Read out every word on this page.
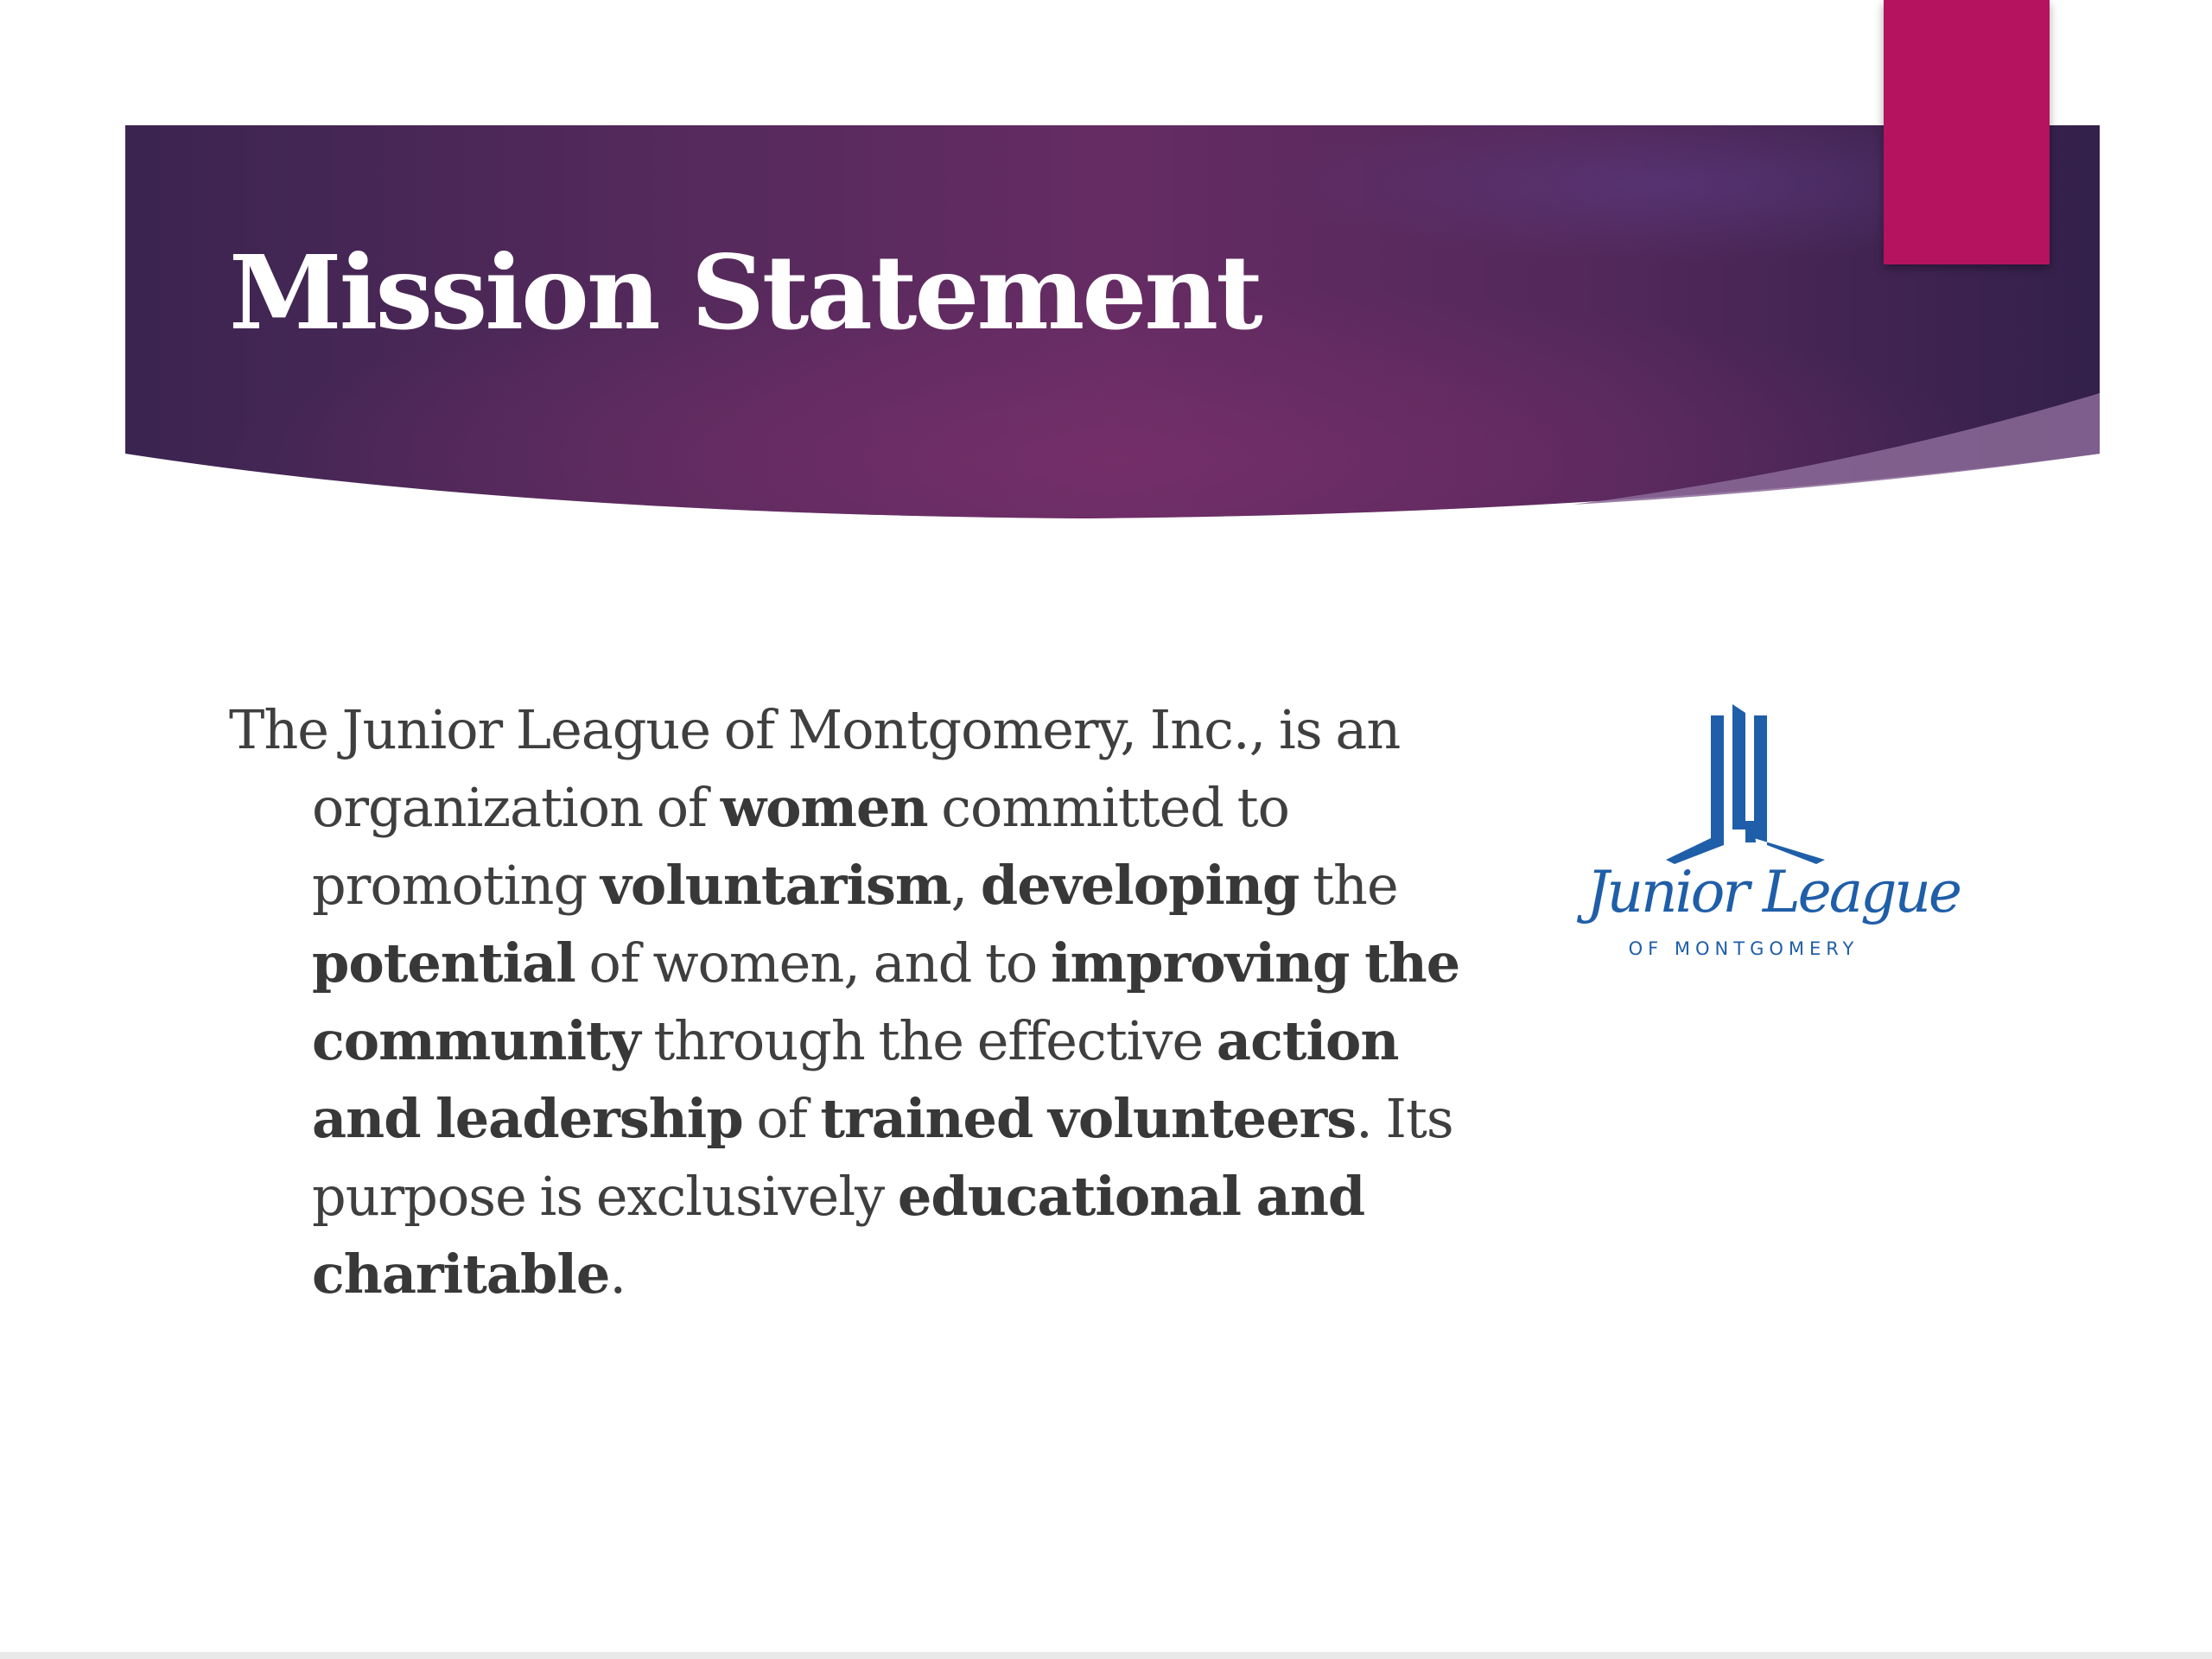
Mission Statement

The Junior League of Montgomery, Inc., is an organization of women committed to promoting voluntarism, developing the potential of women, and to improving the community through the effective action and leadership of trained volunteers. Its purpose is exclusively educational and charitable.

Junior League
OF MONTGOMERY
